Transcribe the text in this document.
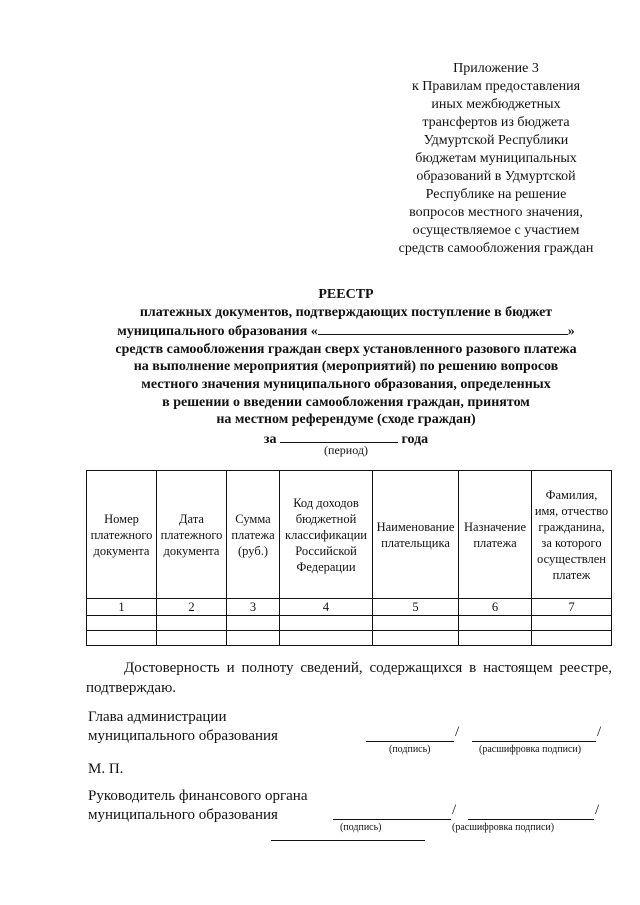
Приложение 3
к Правилам предоставления
иных межбюджетных
трансфертов из бюджета
Удмуртской Республики
бюджетам муниципальных
образований в Удмуртской
Республике на решение
вопросов местного значения,
осуществляемое с участием
средств самообложения граждан
РЕЕСТР
платежных документов, подтверждающих поступление в бюджет
муниципального образования «	»
средств самообложения граждан сверх установленного разового платежа
на выполнение мероприятия (мероприятий) по решению вопросов
местного значения муниципального образования, определенных
в решении о введении самообложения граждан, принятом
на местном референдуме (сходе граждан)
за	года
(период)
Номер платежного документа	Дата платежного документа	Сумма платежа (руб.)	Код доходов бюджетной классификации Российской Федерации	Наименование плательщика	Назначение платежа	Фамилия, имя, отчество гражданина, за которого осуществлен платеж
1	2	3	4	5	6	7

Достоверность и полноту сведений, содержащихся в настоящем реестре,
подтверждаю.
Глава администрации
муниципального образования	/	/
(подпись)	(расшифровка подписи)
М. П.
Руководитель финансового органа
муниципального образования	/	/
(подпись)	(расшифровка подписи)
